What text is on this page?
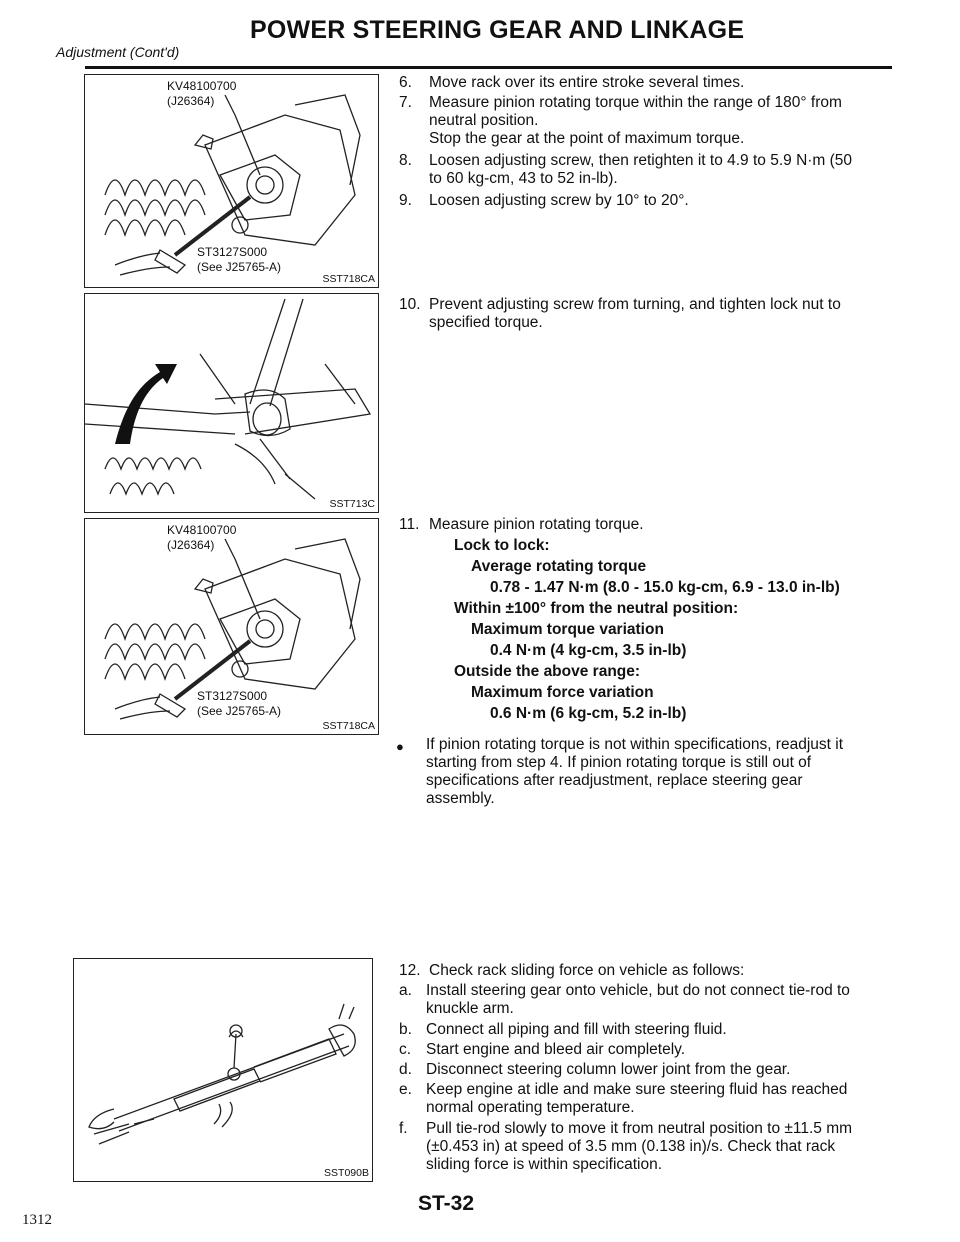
POWER STEERING GEAR AND LINKAGE
Adjustment (Cont'd)
KV48100700
(J26364)
ST3127S000
(See J25765-A)
SST718CA
SST713C
KV48100700
(J26364)
ST3127S000
(See J25765-A)
SST718CA
SST090B
6. Move rack over its entire stroke several times.
7. Measure pinion rotating torque within the range of 180° from
neutral position.
Stop the gear at the point of maximum torque.
8. Loosen adjusting screw, then retighten it to 4.9 to 5.9 N·m (50
to 60 kg-cm, 43 to 52 in-lb).
9. Loosen adjusting screw by 10° to 20°.
10. Prevent adjusting screw from turning, and tighten lock nut to
specified torque.
11. Measure pinion rotating torque.
Lock to lock:
Average rotating torque
0.78 - 1.47 N·m (8.0 - 15.0 kg-cm, 6.9 - 13.0 in-lb)
Within ±100° from the neutral position:
Maximum torque variation
0.4 N·m (4 kg-cm, 3.5 in-lb)
Outside the above range:
Maximum force variation
0.6 N·m (6 kg-cm, 5.2 in-lb)
● If pinion rotating torque is not within specifications, readjust it
starting from step 4. If pinion rotating torque is still out of
specifications after readjustment, replace steering gear
assembly.
12. Check rack sliding force on vehicle as follows:
a. Install steering gear onto vehicle, but do not connect tie-rod to
knuckle arm.
b. Connect all piping and fill with steering fluid.
c. Start engine and bleed air completely.
d. Disconnect steering column lower joint from the gear.
e. Keep engine at idle and make sure steering fluid has reached
normal operating temperature.
f. Pull tie-rod slowly to move it from neutral position to ±11.5 mm
(±0.453 in) at speed of 3.5 mm (0.138 in)/s. Check that rack
sliding force is within specification.
ST-32
1312
